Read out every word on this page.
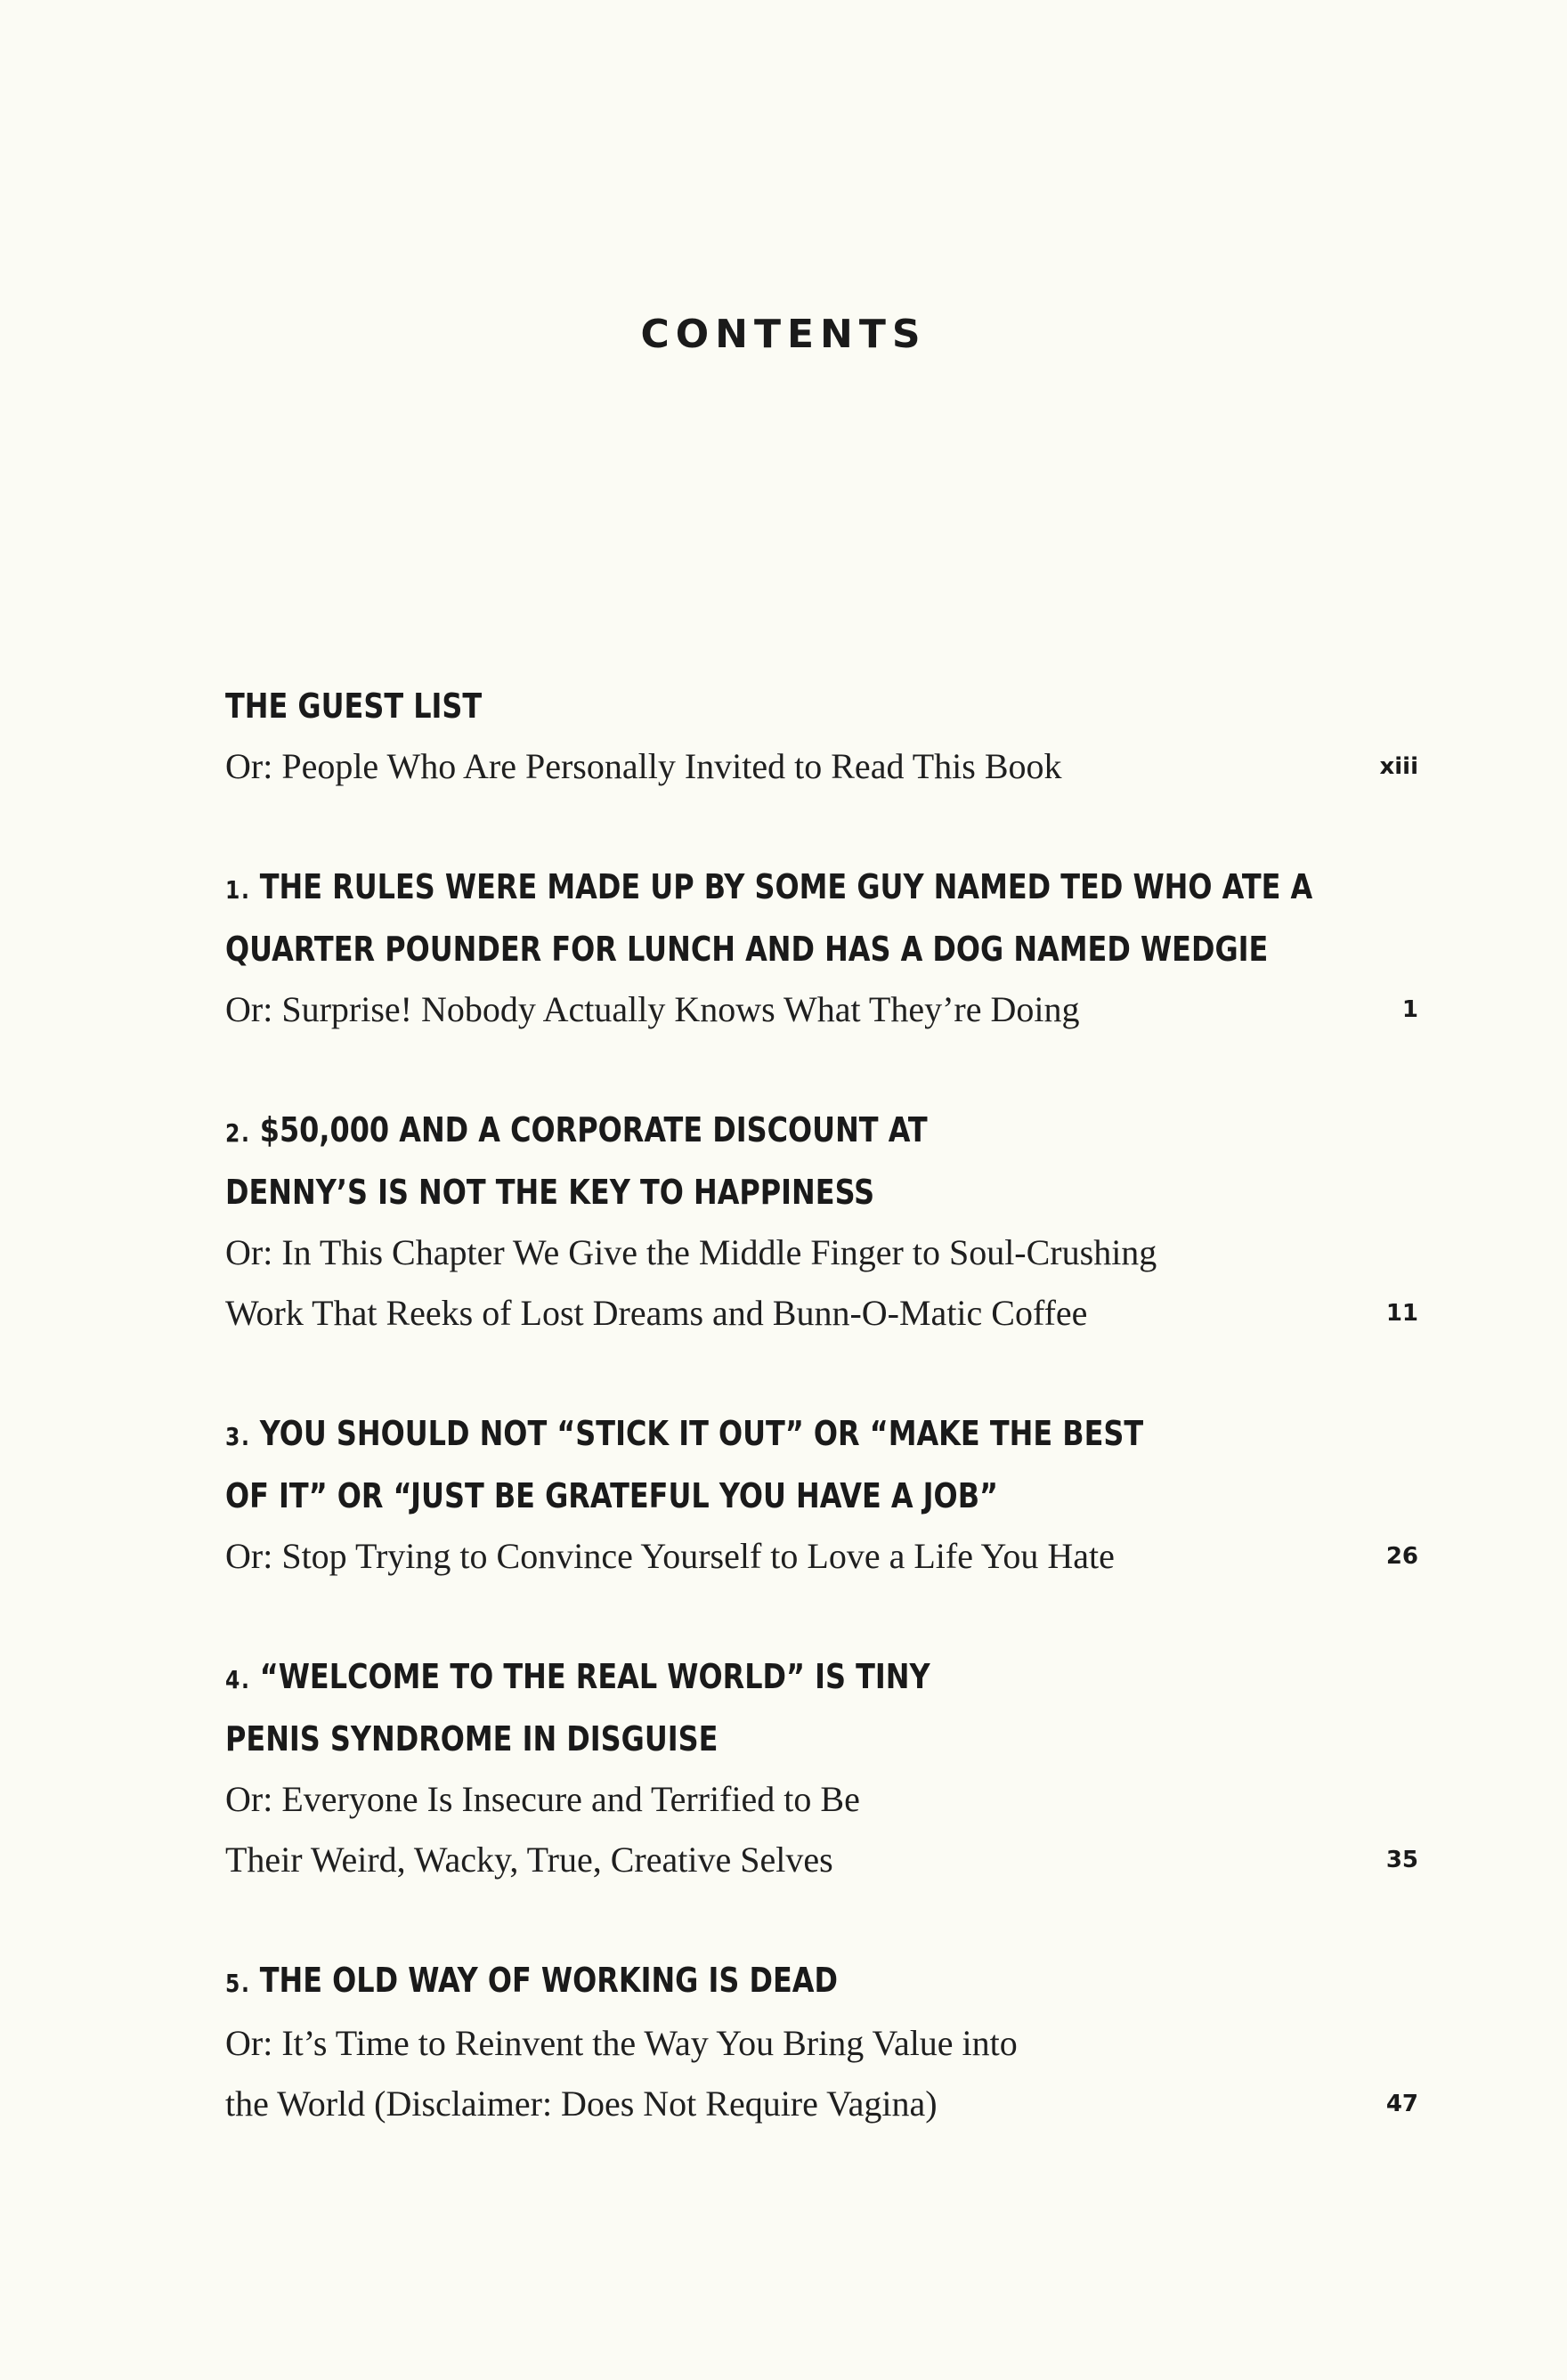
CONTENTS
THE GUEST LIST
Or: People Who Are Personally Invited to Read This Book	xiii
1. THE RULES WERE MADE UP BY SOME GUY NAMED TED WHO ATE A
QUARTER POUNDER FOR LUNCH AND HAS A DOG NAMED WEDGIE
Or: Surprise! Nobody Actually Knows What They’re Doing	1
2. $50,000 AND A CORPORATE DISCOUNT AT
DENNY’S IS NOT THE KEY TO HAPPINESS
Or: In This Chapter We Give the Middle Finger to Soul-Crushing
Work That Reeks of Lost Dreams and Bunn-O-Matic Coffee	11
3. YOU SHOULD NOT “STICK IT OUT” OR “MAKE THE BEST
OF IT” OR “JUST BE GRATEFUL YOU HAVE A JOB”
Or: Stop Trying to Convince Yourself to Love a Life You Hate	26
4. “WELCOME TO THE REAL WORLD” IS TINY
PENIS SYNDROME IN DISGUISE
Or: Everyone Is Insecure and Terrified to Be
Their Weird, Wacky, True, Creative Selves	35
5. THE OLD WAY OF WORKING IS DEAD
Or: It’s Time to Reinvent the Way You Bring Value into
the World (Disclaimer: Does Not Require Vagina)	47
